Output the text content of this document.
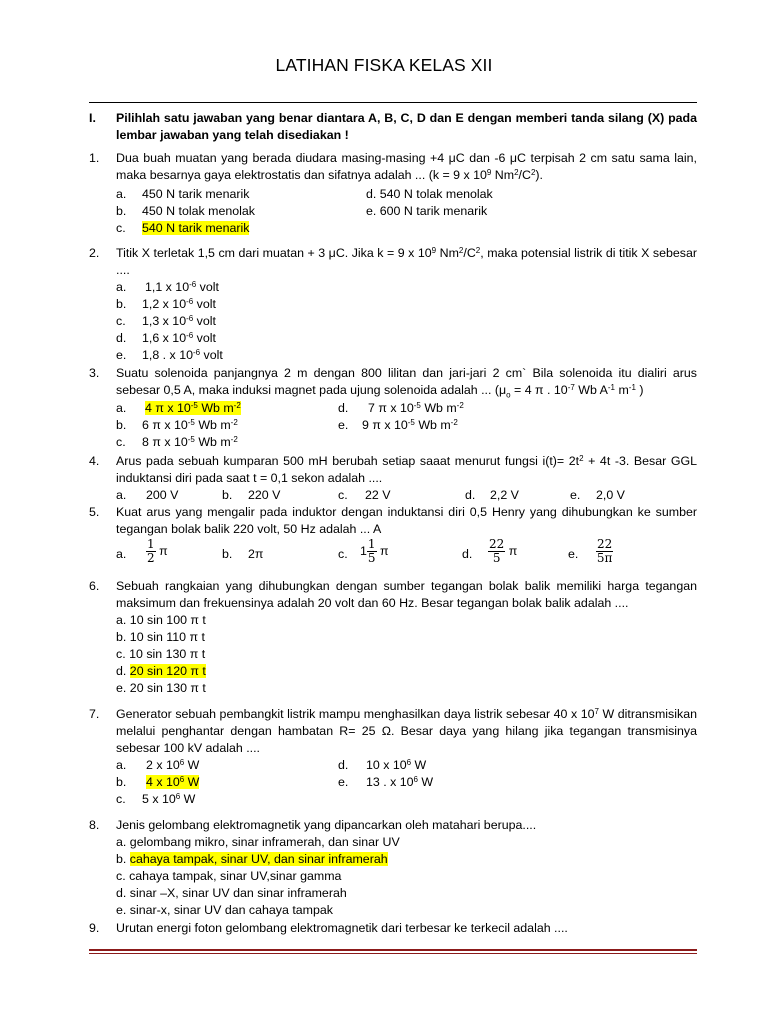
LATIHAN FISKA KELAS XII
I. Pilihlah satu jawaban yang benar diantara A, B, C, D dan E dengan memberi tanda silang (X) pada lembar jawaban yang telah disediakan !
1. Dua buah muatan yang berada diudara masing-masing +4 μC dan -6 μC terpisah 2 cm satu sama lain, maka besarnya gaya elektrostatis dan sifatnya adalah ... (k = 9 x $10^9$ $Nm^2/C^2$).
a. 450 N tarik menarik
b. 450 N tolak menolak
c. 540 N tarik menarik
d. 540 N tolak menolak
e. 600 N tarik menarik
2. Titik X terletak 1,5 cm dari muatan + 3 μC. Jika k = 9 x $10^9$ $Nm^2/C^2$, maka potensial listrik di titik X sebesar ....
a. 1,1 x $10^{-6}$ volt
b. 1,2 x $10^{-6}$ volt
c. 1,3 x $10^{-6}$ volt
d. 1,6 x $10^{-6}$ volt
e. 1,8 . x $10^{-6}$ volt
3. Suatu solenoida panjangnya 2 m dengan 800 lilitan dan jari-jari 2 cm` Bila solenoida itu dialiri arus sebesar 0,5 A, maka induksi magnet pada ujung solenoida adalah ... ($\mu_o = 4$ π . $10^{-7}$ Wb $A^{-1}$ $m^{-1}$ )
a. 4 π x $10^{-5}$ Wb $m^{-2}$
b. 6 π x $10^{-5}$ Wb $m^{-2}$
c. 8 π x $10^{-5}$ Wb $m^{-2}$
d. 7 π x $10^{-5}$ Wb $m^{-2}$
e. 9 π x $10^{-5}$ Wb $m^{-2}$
4. Arus pada sebuah kumparan 500 mH berubah setiap saaat menurut fungsi $i(t)= 2t^2 + 4t$ -3. Besar GGL induktansi diri pada saat t = 0,1 sekon adalah ....
a. 200 V	b. 220 V	c. 22 V	d. 2,2 V	e. 2,0 V
5. Kuat arus yang mengalir pada induktor dengan induktansi diri 0,5 Henry yang dihubungkan ke sumber tegangan bolak balik 220 volt, 50 Hz adalah ... A
a. $\frac{1}{2}$ π	b. 2π	c. $1 \frac{1}{5}$ π	d. $\frac{22}{5}$ π	e. $\frac{22}{5\pi}$
6. Sebuah rangkaian yang dihubungkan dengan sumber tegangan bolak balik memiliki harga tegangan maksimum dan frekuensinya adalah 20 volt dan 60 Hz. Besar tegangan bolak balik adalah ....
a. 10 sin 100 π t
b. 10 sin 110 π t
c. 10 sin 130 π t
d. 20 sin 120 π t
e. 20 sin 130 π t
7. Generator sebuah pembangkit listrik mampu menghasilkan daya listrik sebesar 40 x $10^7$ W ditransmisikan melalui penghantar dengan hambatan R= 25 Ω. Besar daya yang hilang jika tegangan transmisinya sebesar 100 kV adalah ....
a. 2 x $10^6$ W
b. 4 x $10^6$ W
c. 5 x $10^6$ W
d. 10 x $10^6$ W
e. 13 . x $10^6$ W
8. Jenis gelombang elektromagnetik yang dipancarkan oleh matahari berupa....
a. gelombang mikro, sinar inframerah, dan sinar UV
b. cahaya tampak, sinar UV, dan sinar inframerah
c. cahaya tampak, sinar UV,sinar gamma
d. sinar –X, sinar UV dan sinar inframerah
e. sinar-x, sinar UV dan cahaya tampak
9. Urutan energi foton gelombang elektromagnetik dari terbesar ke terkecil adalah ....
